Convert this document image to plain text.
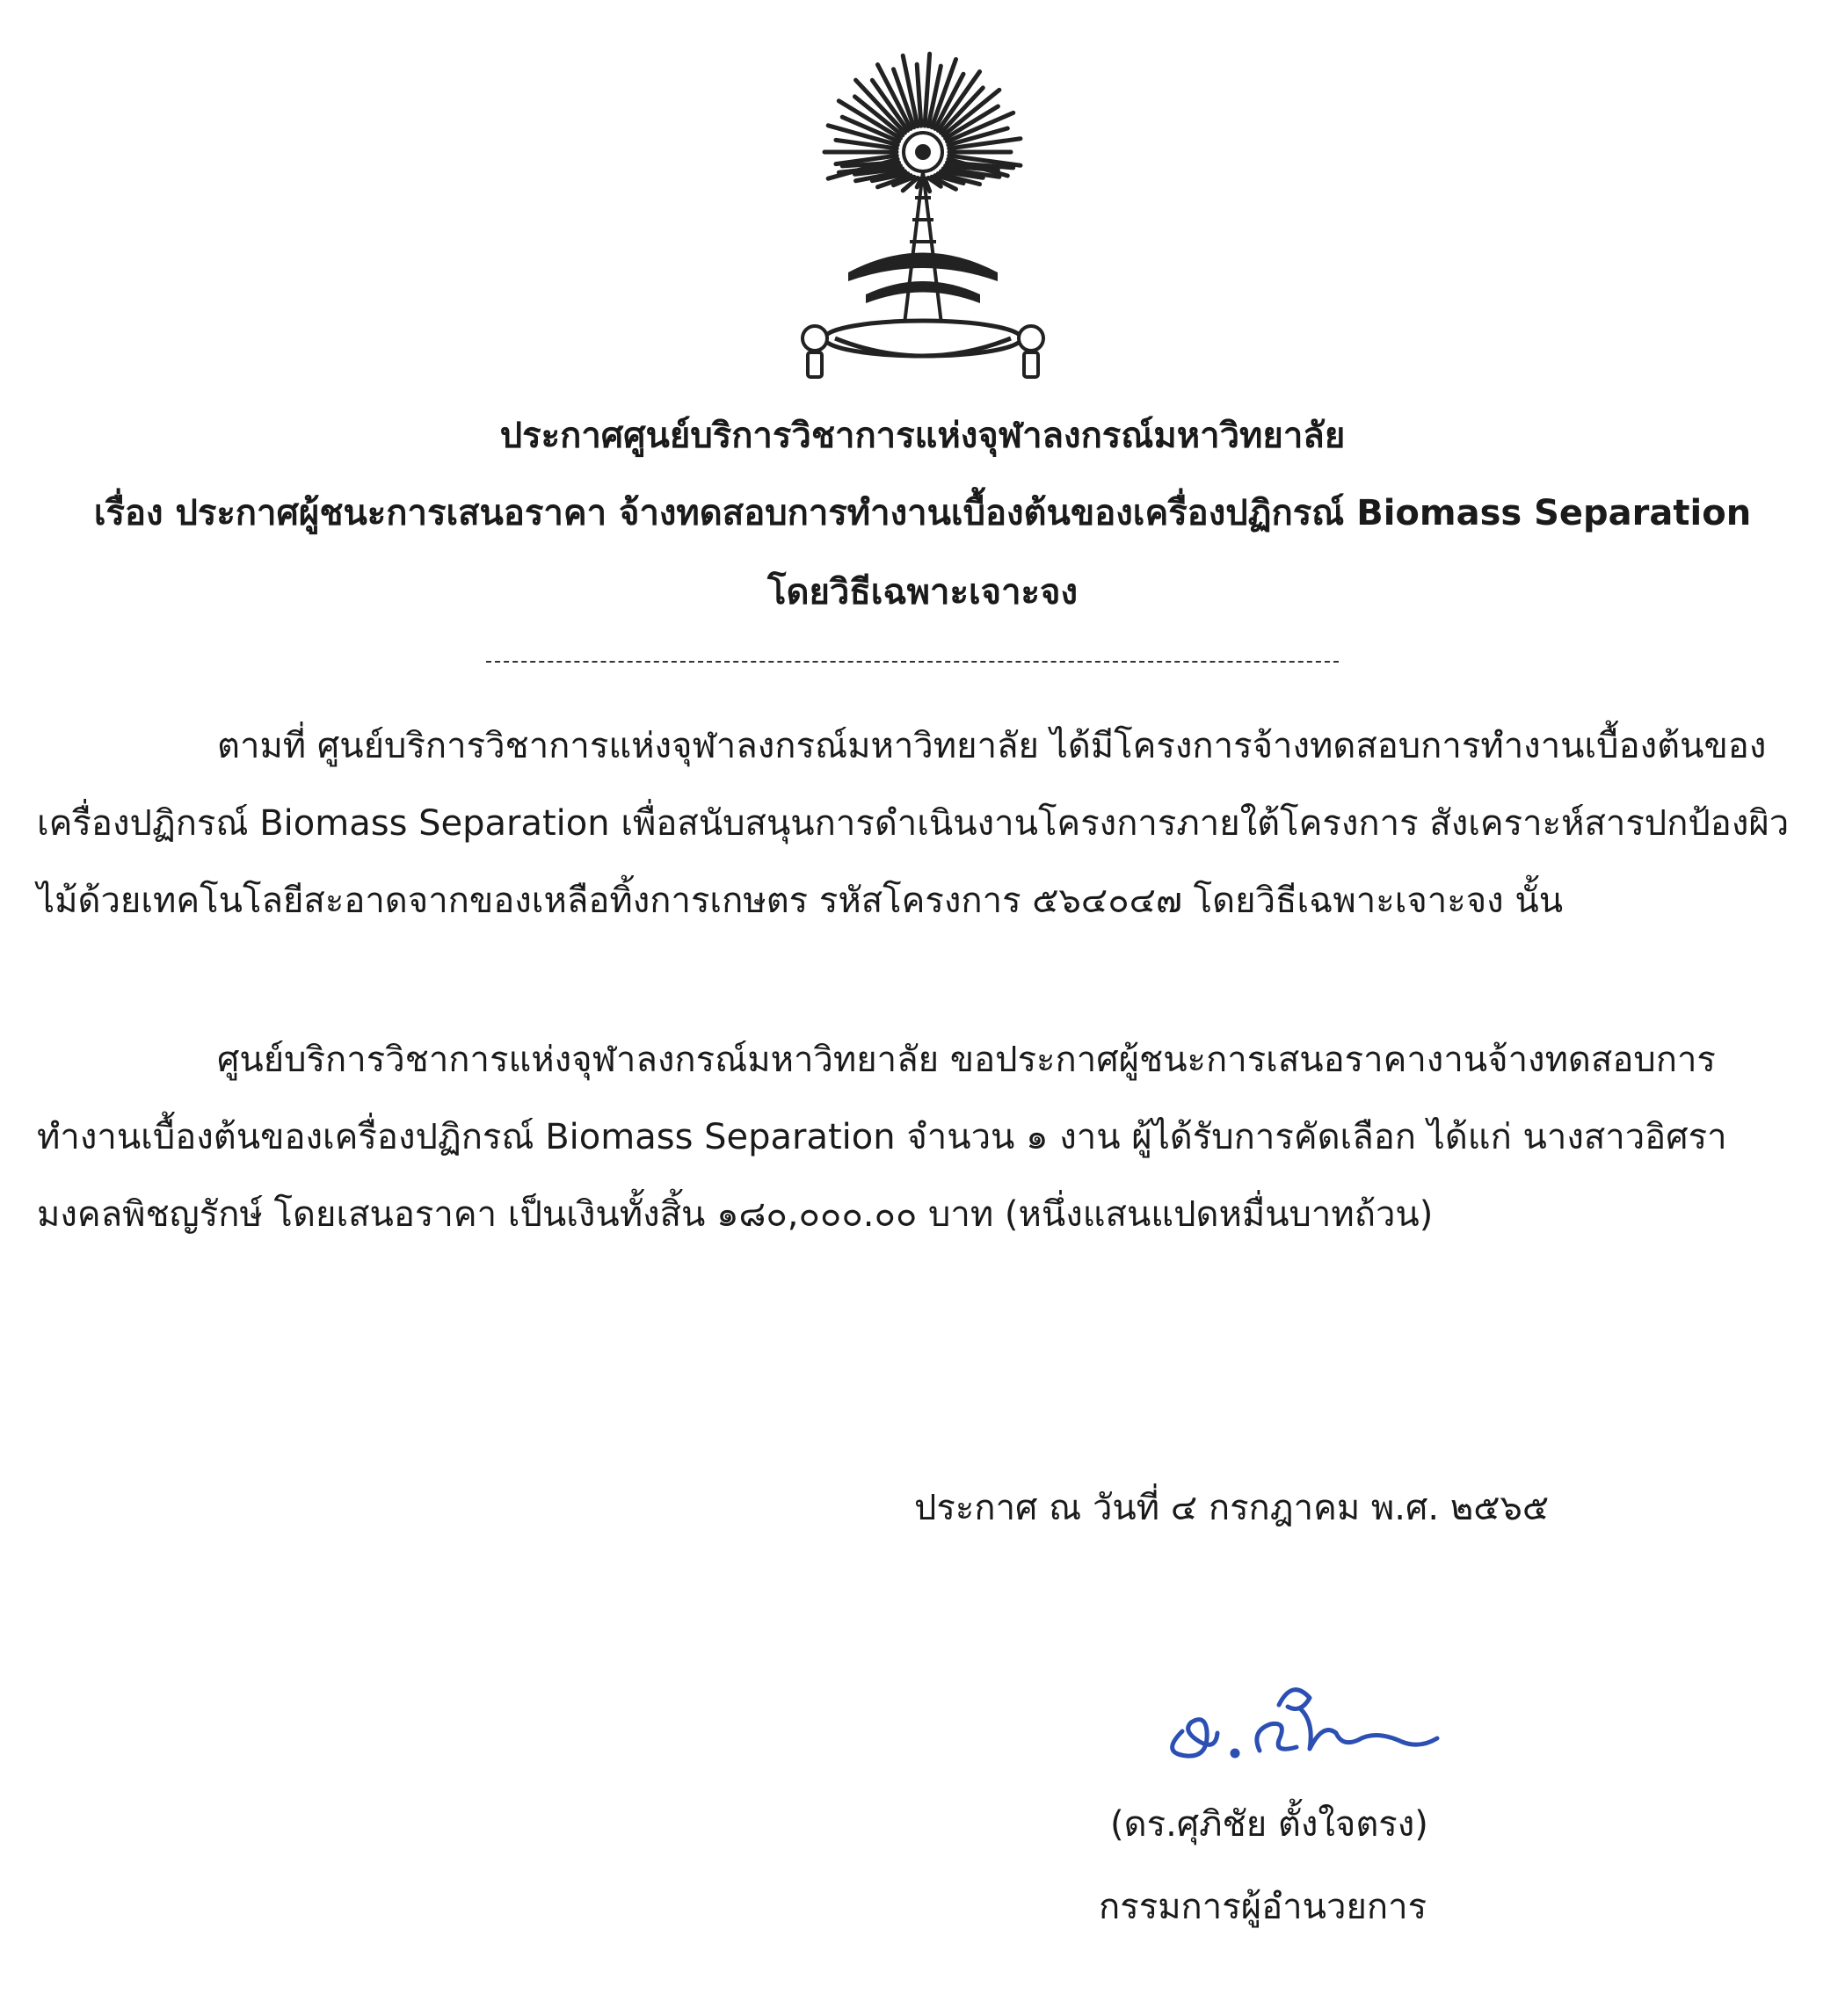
ประกาศศูนย์บริการวิชาการแห่งจุฬาลงกรณ์มหาวิทยาลัย
เรื่อง ประกาศผู้ชนะการเสนอราคา จ้างทดสอบการทำงานเบื้องต้นของเครื่องปฏิกรณ์ Biomass Separation
โดยวิธีเฉพาะเจาะจง
ตามที่ ศูนย์บริการวิชาการแห่งจุฬาลงกรณ์มหาวิทยาลัย ได้มีโครงการจ้างทดสอบการทำงานเบื้องต้นของ
เครื่องปฏิกรณ์ Biomass Separation เพื่อสนับสนุนการดำเนินงานโครงการภายใต้โครงการ สังเคราะห์สารปกป้องผิว
ไม้ด้วยเทคโนโลยีสะอาดจากของเหลือทิ้งการเกษตร รหัสโครงการ ๕๖๔๐๔๗ โดยวิธีเฉพาะเจาะจง นั้น
ศูนย์บริการวิชาการแห่งจุฬาลงกรณ์มหาวิทยาลัย ขอประกาศผู้ชนะการเสนอราคางานจ้างทดสอบการ
ทำงานเบื้องต้นของเครื่องปฏิกรณ์ Biomass Separation จำนวน ๑ งาน ผู้ได้รับการคัดเลือก ได้แก่ นางสาวอิศรา
มงคลพิชญรักษ์ โดยเสนอราคา เป็นเงินทั้งสิ้น ๑๘๐,๐๐๐.๐๐ บาท (หนึ่งแสนแปดหมื่นบาทถ้วน)
ประกาศ ณ วันที่ ๔ กรกฎาคม พ.ศ. ๒๕๖๕
(ดร.ศุภิชัย ตั้งใจตรง)
กรรมการผู้อำนวยการ
